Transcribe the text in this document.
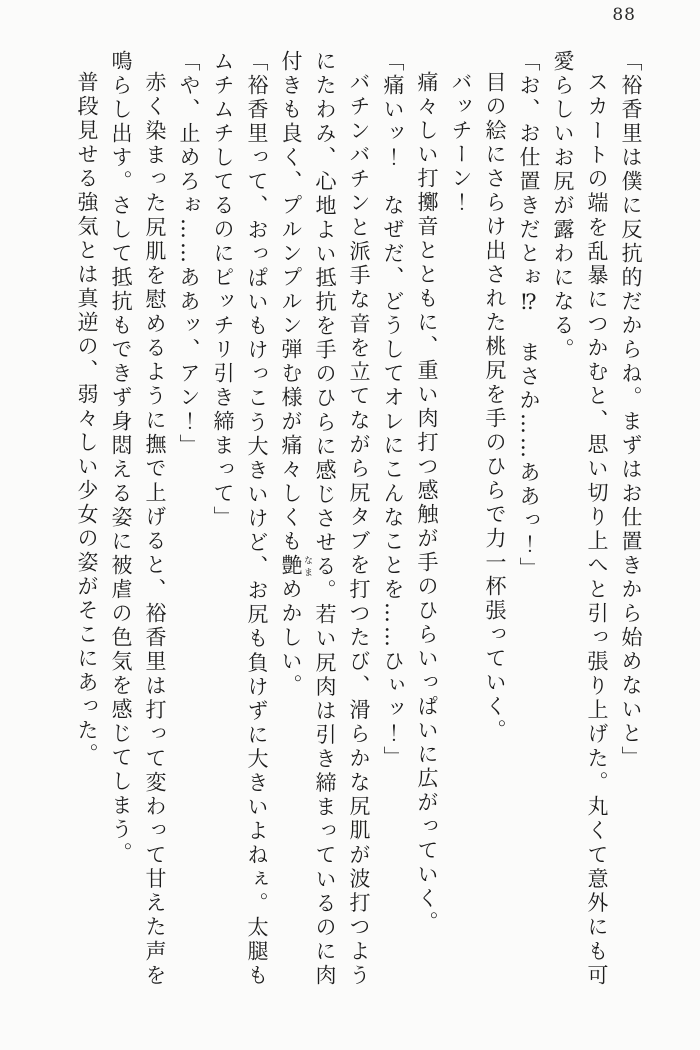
88

「裕香里は僕に反抗的だからね。まずはお仕置きから始めないと」

スカートの端を乱暴につかむと、思い切り上へと引っ張り上げた。丸くて意外にも可愛らしいお尻が露わになる。

「お、お仕置きだとぉ⁉　まさか……ああっ！」

目の絵にさらけ出された桃尻を手のひらで力一杯張っていく。

バッチーン！

痛々しい打擲音とともに、重い肉打つ感触が手のひらいっぱいに広がっていく。

「痛いッ！　なぜだ、どうしてオレにこんなことを……ひぃッ！」

バチンバチンと派手な音を立てながら尻タブを打つたび、滑らかな尻肌が波打つようにたわみ、心地よい抵抗を手のひらに感じさせる。若い尻肉は引き締まっているのに肉付きも良く、プルンプルン弾む様が痛々しくも艶 なまめかしい。

「裕香里って、おっぱいもけっこう大きいけど、お尻も負けずに大きいよねぇ。太腿もムチムチしてるのにピッチリ引き締まって」

「や、止めろぉ……ああッ、アン！」

赤く染まった尻肌を慰めるように撫で上げると、裕香里は打って変わって甘えた声を鳴らし出す。さして抵抗もできず身悶える姿に被虐の色気を感じてしまう。

普段見せる強気とは真逆の、弱々しい少女の姿がそこにあった。
